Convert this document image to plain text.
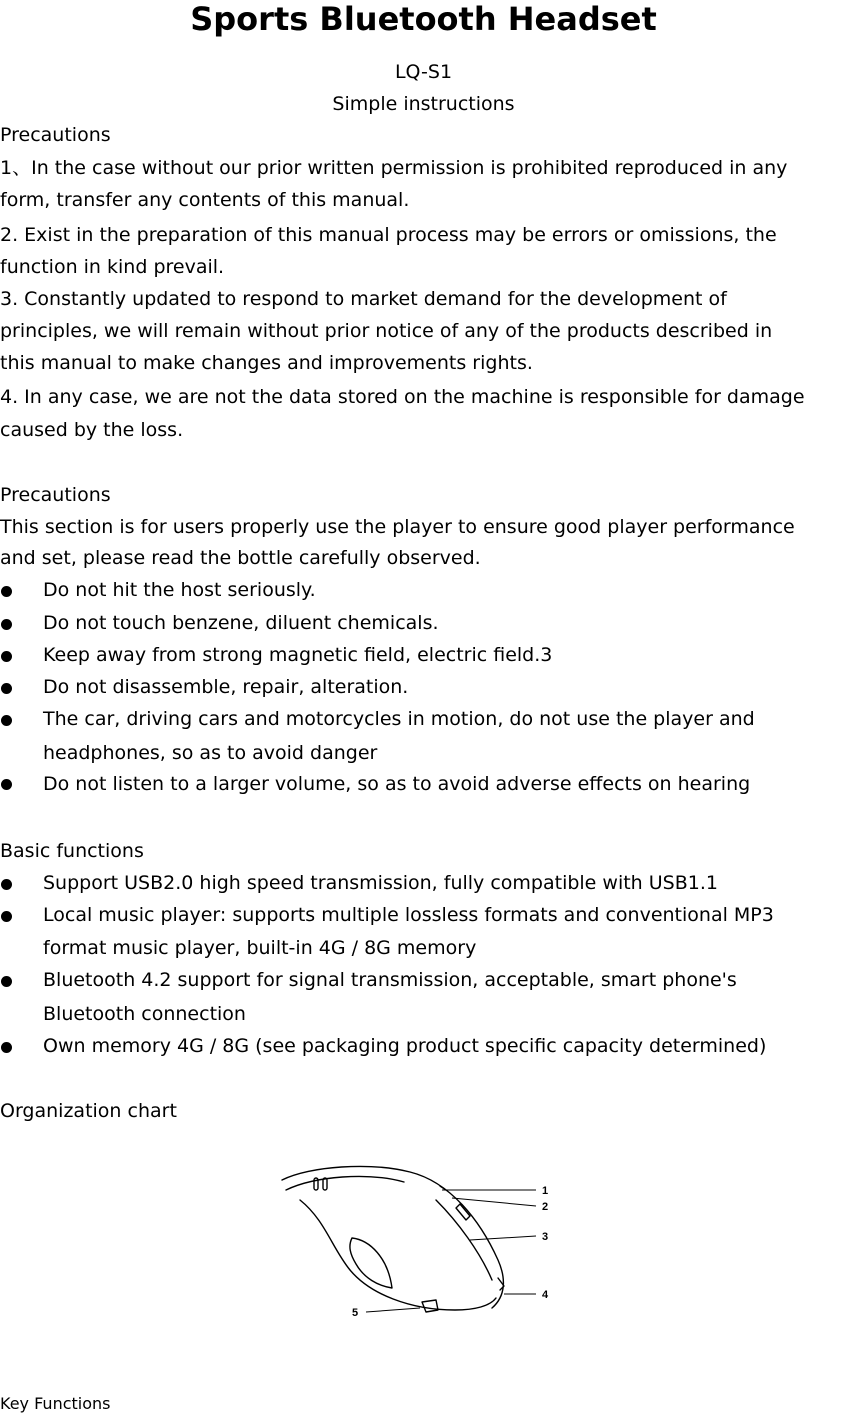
Sports Bluetooth Headset
LQ-S1
Simple instructions
Precautions
1、In the case without our prior written permission is prohibited reproduced in any
form, transfer any contents of this manual.
2. Exist in the preparation of this manual process may be errors or omissions, the
function in kind prevail.
3. Constantly updated to respond to market demand for the development of
principles, we will remain without prior notice of any of the products described in
this manual to make changes and improvements rights.
4. In any case, we are not the data stored on the machine is responsible for damage
caused by the loss.
Precautions
This section is for users properly use the player to ensure good player performance
and set, please read the bottle carefully observed.
Do not hit the host seriously.
Do not touch benzene, diluent chemicals.
Keep away from strong magnetic field, electric field.3
Do not disassemble, repair, alteration.
The car, driving cars and motorcycles in motion, do not use the player and
headphones, so as to avoid danger
Do not listen to a larger volume, so as to avoid adverse effects on hearing
Basic functions
Support USB2.0 high speed transmission, fully compatible with USB1.1
Local music player: supports multiple lossless formats and conventional MP3
format music player, built-in 4G / 8G memory
Bluetooth 4.2 support for signal transmission, acceptable, smart phone's
Bluetooth connection
Own memory 4G / 8G (see packaging product specific capacity determined)
Organization chart
1
2
3
4
5
Key Functions
